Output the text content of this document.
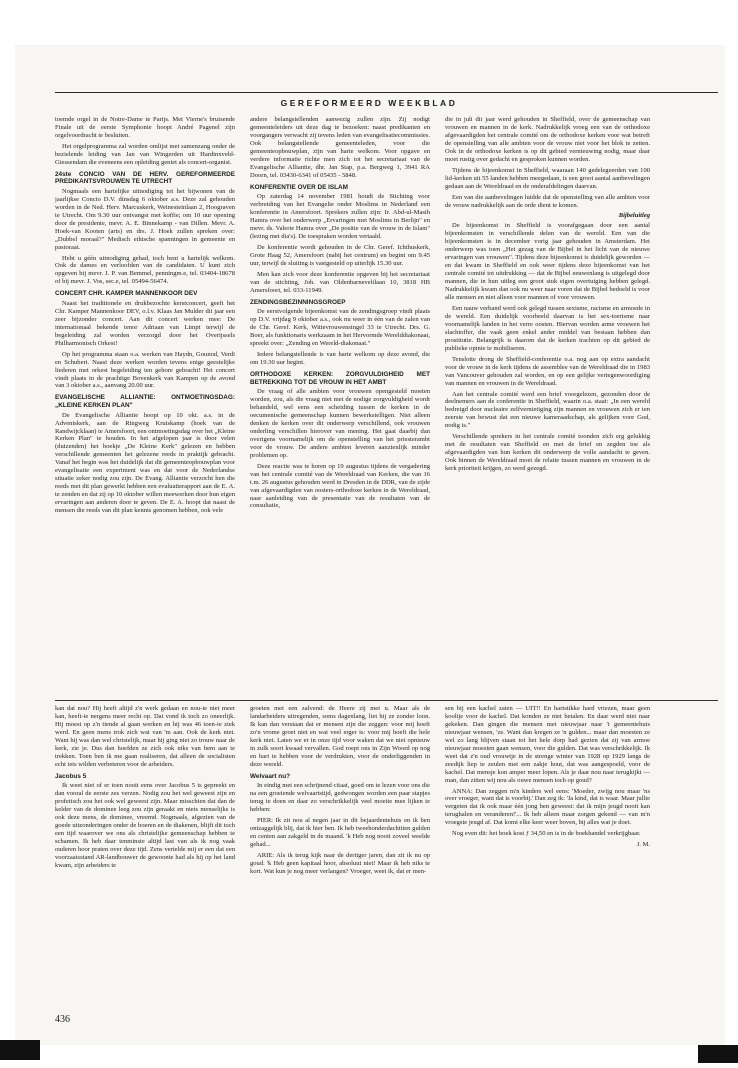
GEREFORMEERD WEEKBLAD

toemde orgel in de Notre-Dame te Parijs. Met Vierne's bruisende Finale uit de eerste Symphonie hoopt André Pagenel zijn orgelvoordracht te besluiten.

Het orgelprogramma zal worden omlijst met samenzang onder de bezielende leiding van Jan van Wingerden uit Hardinxveld-Giessendam die eveneens een opleiding geniet als concert-organist.

24ste CONCIO VAN DE HERV. GEREFORMEERDE PREDIKANTSVROUWEN TE UTRECHT

Nogmaals een hartelijke uitnodiging tot het bijwonen van de jaarlijkse Concio D.V. dinsdag 6 oktober a.s. Deze zal gehouden worden in de Ned. Herv. Marcuskerk, Weinesteinlaan 2, Hoograven te Utrecht. Om 9.30 uur ontvangst met koffie; om 10 uur opening door de presidente, mevr. A. E. Binnekamp - van Dillen. Mevr. A. Hoek-van Kooten (arts) en drs. J. Hoek zullen spreken over: „Dubbel moraal?" Medisch ethische spanningen in gemeente en pastoraat.

Hebt u géén uitnodiging gehad, toch bent u hartelijk welkom. Ook de dames en verloofden van de candidaten. U kunt zich opgeven bij mevr. J. P. van Bemmel, penningm.e, tel. 03404-18678 of bij mevr. J. Vos, sec.e, tel. 05494-56474.

CONCERT CHR. KAMPER MANNENKOOR DEV

Naast het traditionele en drukbezochte kerstconcert, geeft het Chr. Kamper Mannenkoor DEV, o.l.v. Klaas Jan Mulder dit jaar een zeer bijzonder concert. Aan dit concert werken mee: De internationaal bekende tenor Adriaan van Limpt terwijl de begeleiding zal worden verzorgd door het Overijssels Philharmonisch Orkest!

Op het programma staan o.a. werken van Haydn, Gounod, Verdi en Schubert. Naast deze werken worden tevens enige geestelijke liederen met orkest begeleiding ten gehore gebracht! Het concert vindt plaats in de prachtige Bovenkerk van Kampen op de avond van 3 oktober a.s., aanvang 20.00 uur.

EVANGELISCHE ALLIANTIE: ONTMOETINGSDAG: „KLEINE KERKEN PLAN"

De Evangelische Alliantie hoopt op 10 okt. a.s. in de Adventskerk, aan de Ringweg Kruiskamp (hoek van de Randwijcklaan) te Amersfoort, een ontmoetingsdag over het „Kleine Kerken Plan" te houden. In het afgelopen jaar is door velen (duizenden) het boekje „De Kleine Kerk" gelezen en hebben verschillende gemeenten het gelezene reeds in praktijk gebracht. Vanaf het begin was het duidelijk dat dit gemeenteopbouwplan voor evangelisatie een experiment was en dat voor de Nederlandse situatie zeker nodig zou zijn. De Evang. Alliantie verzocht hen die reeds met dit plan gewerkt hebben een evaluatierapport aan de E. A. te zenden en dat zij op 10 oktober willen meewerken door hun eigen ervaringen aan anderen door te geven. De E. A. hoopt dat naast de mensen die reeds van dit plan kennis genomen hebben, ook vele

andere belangstellenden aanwezig zullen zijn. Zij nodigt gemeenteleiders uit deze dag te bezoeken: naast predikanten en voorgangers verwacht zij tevens leden van evangelisatiecommissies. Ook belangstellende gemeenteleden, voor die gemeenteopbouwplan, zijn van harte welkom. Voor opgave en verdere informatie richte men zich tot het secretariaat van de Evangelische Alliantie, dhr. Jan Stap, p.a. Bergweg 1, 3941 RA Doorn, tel. 03430-6341 of 05435 - 5848.

KONFERENTIE OVER DE ISLAM

Op zaterdag 14 november 1981 houdt de Stichting voor verbreiding van het Evangelie onder Moslims in Nederland een konferentie in Amersfoort. Sprekers zullen zijn: Ir. Abd-ul-Masih Hamra over het onderwerp „Ervaringen met Moslims in Berlijn" en mevr. ds. Valerie Hamra over „De positie van de vrouw in de Islam" (lezing met dia's). De toespraken worden vertaald.

De konferentie wordt gehouden in de Chr. Geref. Ichthuskerk, Grote Haag 52, Amersfoort (nabij het centrum) en begint om 9.45 uur, terwijl de sluiting is vastgesteld op uiterlijk 15.30 uur.

Men kan zich voor deze konferentie opgeven bij het secretariaat van de stichting, Joh. van Oldenbarneveltlaan 10, 3818 HB Amersfoort, tel. 033-11949.

ZENDINGSBEZINNINGSGROEP

De eerstvolgende bijeenkomst van de zendingsgroep vindt plaats op D.V. vrijdag 9 oktober a.s., ook nu weer in één van de zalen van de Chr. Geref. Kerk, Wittevrouwensingel 33 te Utrecht. Drs. G. Boer, als funktionaris werkzaam in het Hervormde Werelddiakonaat, spreekt over: „Zending en Wereld-diakonaat."

Iedere belangstellende is van harte welkom op deze avond, die om 19.30 uur begint.

ORTHODOXE KERKEN: ZORGVULDIGHEID MET BETREKKING TOT DE VROUW IN HET AMBT

De vraag of alle ambten voor vrouwen opengesteld moeten worden, zou, als die vraag niet met de nodige zorgvuldigheid wordt behandeld, wel eens een scheiding tussen de kerken in de oecumenische gemeenschap kunnen bewerkstelligen. Niet alleen denken de kerken over dit onderwerp verschillend, ook vrouwen onderling verschillen hierover van mening. Het gaat daarbij dan overigens voornamelijk om de openstelling van het priesterambt voor de vrouw. De andere ambten leveren aanzienlijk minder problemen op.

Deze reactie was te horen op 19 augustus tijdens de vergadering van het centrale comité van de Wereldraad van Kerken, die van 16 t.m. 26 augustus gehouden werd in Dresden in de DDR, van de zijde van afgevaardigden van oosters-orthodoxe kerken in de Wereldraad, naar aanleiding van de presentatie van de resultaten van de consultatie,

die in juli dit jaar werd gehouden in Sheffield, over de gemeenschap van vrouwen en mannen in de kerk. Nadrukkelijk vroeg een van de orthodoxe afgevaardigden het centrale comité om de orthodoxe kerken voor wat betreft de openstelling van alle ambten voor de vrouw niet voor het blok te zetten. Ook in de orthodoxe kerken is op dit gebied vernieuwing nodig, maar daar moet rustig over gedacht en gesproken kunnen worden.

Tijdens de bijeenkomst in Sheffield, waaraan 140 gedelegeerden van 100 lid-kerken uit 55 landen hebben meegedaan, is een groot aantal aanbevelingen gedaan aan de Wereldraad en de onderafdelingen daarvan.

Een van die aanbevelingen luidde dat de openstelling van alle ambten voor de vrouw nadrukkelijk aan de orde dient te komen.

Bijbeluitleg

De bijeenkomst in Sheffield is voorafgegaan door een aantal bijeenkomsten in verschillende delen van de wereld. Een van die bijeenkomsten is in december vorig jaar gehouden in Amsterdam. Het onderwerp was toen „Het gezag van de Bijbel in het licht van de nieuwe ervaringen van vrouwen". Tijdens deze bijeenkomst is duidelijk geworden — en dat kwam in Sheffield en ook weer tijdens deze bijeenkomst van het centrale comité tot uitdrukking — dat de Bijbel eeuwenlang is uitgelegd door mannen, die in hun uitleg een groot stuk eigen overtuiging hebben gelegd. Nadrukkelijk kwam dan ook nu weer naar voren dat de Bijbel bedoeld is voor alle mensen en niet alleen voor mannen of voor vrouwen.

Een nauw verband werd ook gelegd tussen sexisme, racisme en armoede in de wereld. Een duidelijk voorbeeld daarvan is het sex-toerisme naar voornamelijk landen in het verre oosten. Hiervan worden arme vrouwen het slachtoffer, die vaak geen enkel ander middel van bestaan hebben dan prostitutie. Belangrijk is daarom dat de kerken trachten op dit gebied de publieke opinie te mobiliseren.

Tenslotte drong de Sheffield-conferentie o.a. nog aan op extra aandacht voor de vrouw in de kerk tijdens de assemblee van de Wereldraad die in 1983 van Vancouver gehouden zal worden, en op een gelijke vertegenwoordiging van mannen en vrouwen in de Wereldraad.

Aan het centrale comité werd een brief voorgelezen, gezonden door de deelnemers aan de conferentie in Sheffield, waarin o.a. staat: „In een wereld bedreigd door nucleaire zelfvernietiging zijn mannen en vrouwen zich er ten zeerste van bewust dat een nieuwe kameraadschap, als gelijken voor God, nodig is."

Verschillende sprekers in het centrale comité toonden zich erg gelukkig met de resultaten van Sheffield en met de brief en zegden toe als afgevaardigden van hun kerken dit onderwerp de volle aandacht te geven. Ook binnen de Wereldraad moet de relatie tussen mannen en vrouwen in de kerk prioriteit krijgen, zo werd gezegd.

kan dat nou? Hij heeft altijd z'n werk gedaan en nou-ie niet meer kan, heeft-ie nergens meer recht op. Dat vond ik toch zo oneerlijk. Hij moest op z'n tiende al gaan werken en hij was 46 toen-ie ziek werd. En geen mens trok zich wat van 'm aan. Ook de kerk niet. Want hij was dan wel christelijk, maar hij ging niet zo trouw naar de kerk, zie je. Dus dan hoefden ze zich ook niks van hem aan te trekken. Toen ben ik me gaan realiseren, dat alleen de socialisten echt iets wilden verbeteren voor de arbeiders.

Jacobus 5

Ik weet niet of er toen nooit eens over Jacobus 5 is gepreekt en dan vooral de eerste zes verzen. Nodig zou het wel geweest zijn en profetisch zou het ook wel geweest zijn. Maar misschien dat dan de kelder van de dominee leeg zou zijn geraakt en niets menselijks is ook deze mens, de dominee, vreemd. Nogmaals, afgezien van de goede uitzonderingen onder de boeren en de diakenen, blijft dit toch een tijd waarover we ons als christelijke gemeenschap hebben te schamen. Ik heb daar tenminste altijd last van als ik nog vaak ouderen hoor praten over deze tijd. Zens vertelde mij er een dat een voorzaatsstand AR-landbouwer de gewoonte had als hij op het land kwam, zijn arbeiders te

groeten met een zalvend: de Heere zij met u. Maar als de landarbeiders uitregenden, soms dagenlang, liet hij ze zonder loon. Ik kan dan verstaan dat er mensen zijn die zeggen: voor mij hoeft zo'n vrome groet niet en wat veel erger is: voor mij hoeft die hele kerk niet. Laten we er in onze tijd voor waken dat we niet opnieuw in zulk soort kwaad vervallen. God roept ons in Zijn Woord op nog en hart te hebben voor de verdrukten, voor de onderliggenden in deze wereld.

Welvaart nu?

In eindig met een schrijnend citaat, goed om te lezen voor ons die na een groeiende welvaartstijd, gedwongen worden een paar stapjes terug te doen en daar zo verschrikkelijk veel moeite mee lijken te hebben:

PIER: Ik zit nou al negen jaar in dit bejaardentehuis en ik ben ontzaggelijk blij, dat ik hier ben. Ik heb tweehonderdachttien gulden en centen aan zakgeld in de maand. 'k Heb nog nooit zoveel weelde gehad...

ARIE: Als ik terug kijk naar de dertiger jaren, dan zit ik nu op goud. 'k Heb geen kapitaal hoor, absoluut niet! Maar ik heb niks te kort. Wat kun je nog meer verlangen? Vroeger, weet ik, dat er men-

sen bij een kachel zaten — UIT!! En hartstikke hard vriezen, maar geen koolije voor de kachel. Dat konden ze niet betalen. En daar werd niet naar gekeken. Dan gingen die mensen met nieuwjaar naar 't gemeentehuis nieuwjaar wensen, 'ze. Want dan kregen ze 'n gulden... maar dan moesten ze wel zo lang blijven staan tot het hele dorp had gezien dat zij van armoe nieuwjaar moesten gaan wensen, voor die gulden. Dat was verschrikkelijk. Ik weet dat z'n oud vrouwtje in de strenge winter van 1928 op 1929 langs de zeedijk liep te zeulen met een zakje hout, dat was aangespoeld, voor de kachel. Dat mensje kon amper meer lopen. Als je daar nou naar terugkijkt — man, dan zitten wij nou als ouwe mensen toch op goud?

ANNA: Dan zeggen m'n kinders wel eens: 'Moeder, zwijg nou maar 'ns over vroeger, want dat is voorbij.' Dan zeg ik: 'Ja kind, dat is waar. Maar jullie vergeten dat ik ook maar één jong ben geweest: dat ik mijn jeugd nooit kan terughalen en veranderen!'... Ik heb alleen maar zorgen gekend — van m'n vroegste jeugd af. Dat komt elke keer weer boven, bij alles wat je doet.

Nog even dit: het boek kost ƒ 34,50 en is in de boekhandel verkrijgbaar.

J. M.
436
